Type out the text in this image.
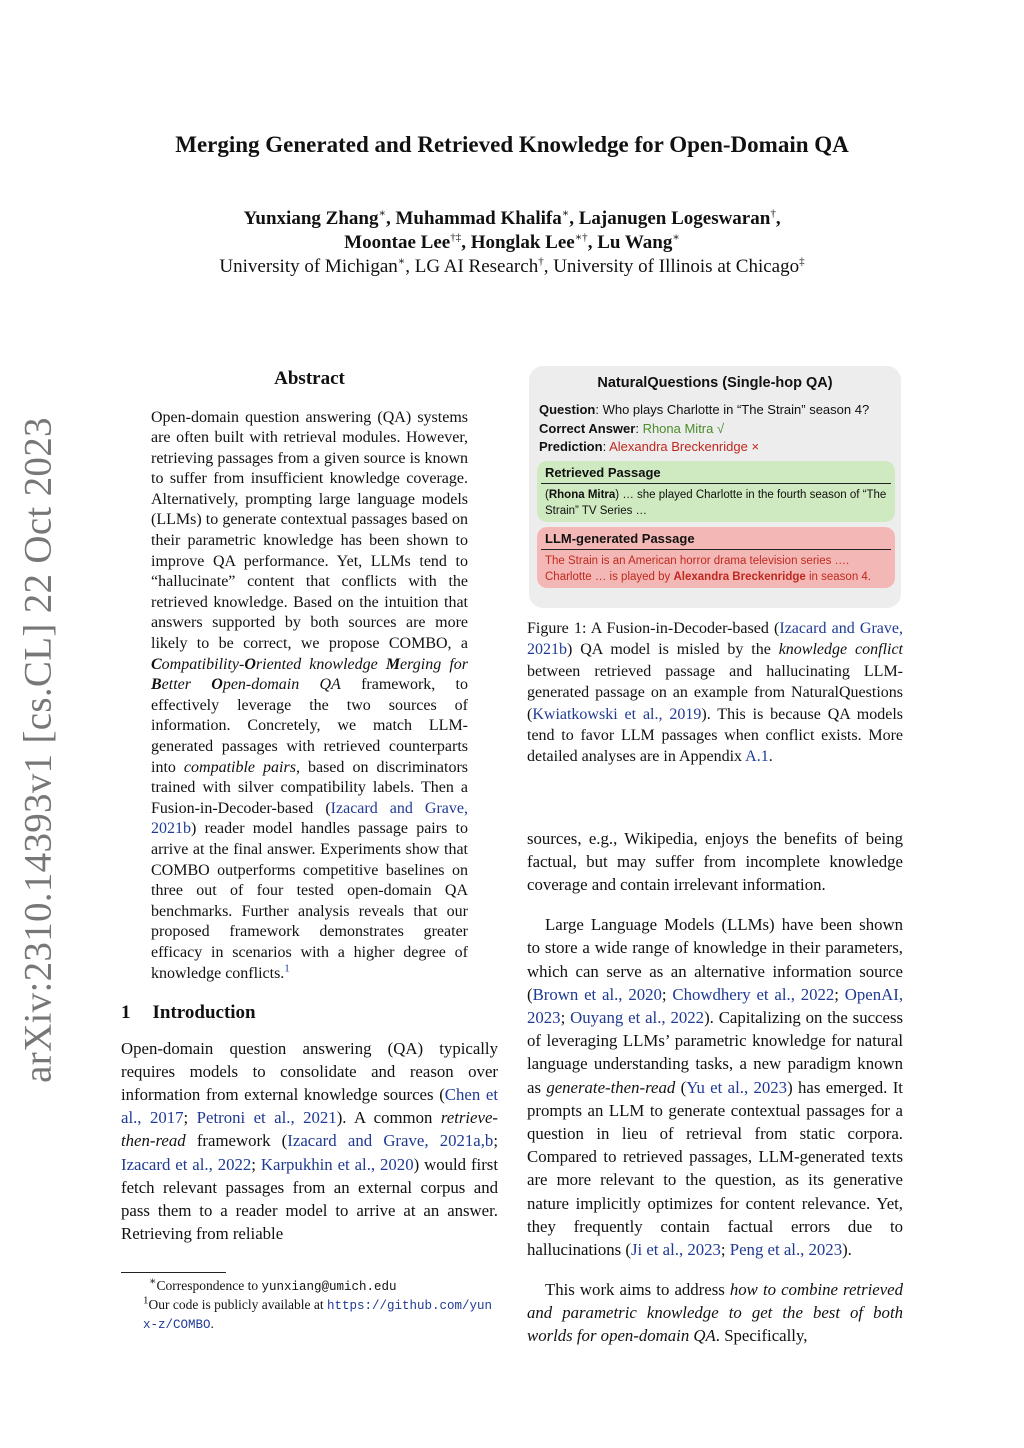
arXiv:2310.14393v1 [cs.CL] 22 Oct 2023
Merging Generated and Retrieved Knowledge for Open-Domain QA
Yunxiang Zhang∗, Muhammad Khalifa∗, Lajanugen Logeswaran†,
Moontae Lee†‡, Honglak Lee∗†, Lu Wang∗
University of Michigan∗, LG AI Research†, University of Illinois at Chicago‡

Abstract

Open-domain question answering (QA) systems are often built with retrieval modules. However, retrieving passages from a given source is known to suffer from insufficient knowledge coverage. Alternatively, prompting large language models (LLMs) to generate contextual passages based on their parametric knowledge has been shown to improve QA performance. Yet, LLMs tend to “hallucinate” content that conflicts with the retrieved knowledge. Based on the intuition that answers supported by both sources are more likely to be correct, we propose COMBO, a Compatibility-Oriented knowledge Merging for Better Open-domain QA framework, to effectively leverage the two sources of information. Concretely, we match LLM-generated passages with retrieved counterparts into compatible pairs, based on discriminators trained with silver compatibility labels. Then a Fusion-in-Decoder-based (Izacard and Grave, 2021b) reader model handles passage pairs to arrive at the final answer. Experiments show that COMBO outperforms competitive baselines on three out of four tested open-domain QA benchmarks. Further analysis reveals that our proposed framework demonstrates greater efficacy in scenarios with a higher degree of knowledge conflicts.$^1$

1 Introduction

Open-domain question answering (QA) typically requires models to consolidate and reason over information from external knowledge sources (Chen et al., 2017; Petroni et al., 2021). A common retrieve-then-read framework (Izacard and Grave, 2021a,b; Izacard et al., 2022; Karpukhin et al., 2020) would first fetch relevant passages from an external corpus and pass them to a reader model to arrive at an answer. Retrieving from reliable

∗Correspondence to yunxiang@umich.edu
$^1$Our code is publicly available at https://github.com/yunx-z/COMBO.
NaturalQuestions (Single-hop QA)
Question: Who plays Charlotte in “The Strain” season 4?
Correct Answer: Rhona Mitra √
Prediction: Alexandra Breckenridge ×
Retrieved Passage
(Rhona Mitra) … she played Charlotte in the fourth season of “The Strain” TV Series …
LLM-generated Passage
The Strain is an American horror drama television series …. Charlotte … is played by Alexandra Breckenridge in season 4.
Figure 1: A Fusion-in-Decoder-based (Izacard and Grave, 2021b) QA model is misled by the knowledge conflict between retrieved passage and hallucinating LLM-generated passage on an example from NaturalQuestions (Kwiatkowski et al., 2019). This is because QA models tend to favor LLM passages when conflict exists. More detailed analyses are in Appendix A.1.

sources, e.g., Wikipedia, enjoys the benefits of being factual, but may suffer from incomplete knowledge coverage and contain irrelevant information.

Large Language Models (LLMs) have been shown to store a wide range of knowledge in their parameters, which can serve as an alternative information source (Brown et al., 2020; Chowdhery et al., 2022; OpenAI, 2023; Ouyang et al., 2022). Capitalizing on the success of leveraging LLMs’ parametric knowledge for natural language understanding tasks, a new paradigm known as generate-then-read (Yu et al., 2023) has emerged. It prompts an LLM to generate contextual passages for a question in lieu of retrieval from static corpora. Compared to retrieved passages, LLM-generated texts are more relevant to the question, as its generative nature implicitly optimizes for content relevance. Yet, they frequently contain factual errors due to hallucinations (Ji et al., 2023; Peng et al., 2023).

This work aims to address how to combine retrieved and parametric knowledge to get the best of both worlds for open-domain QA. Specifically,
